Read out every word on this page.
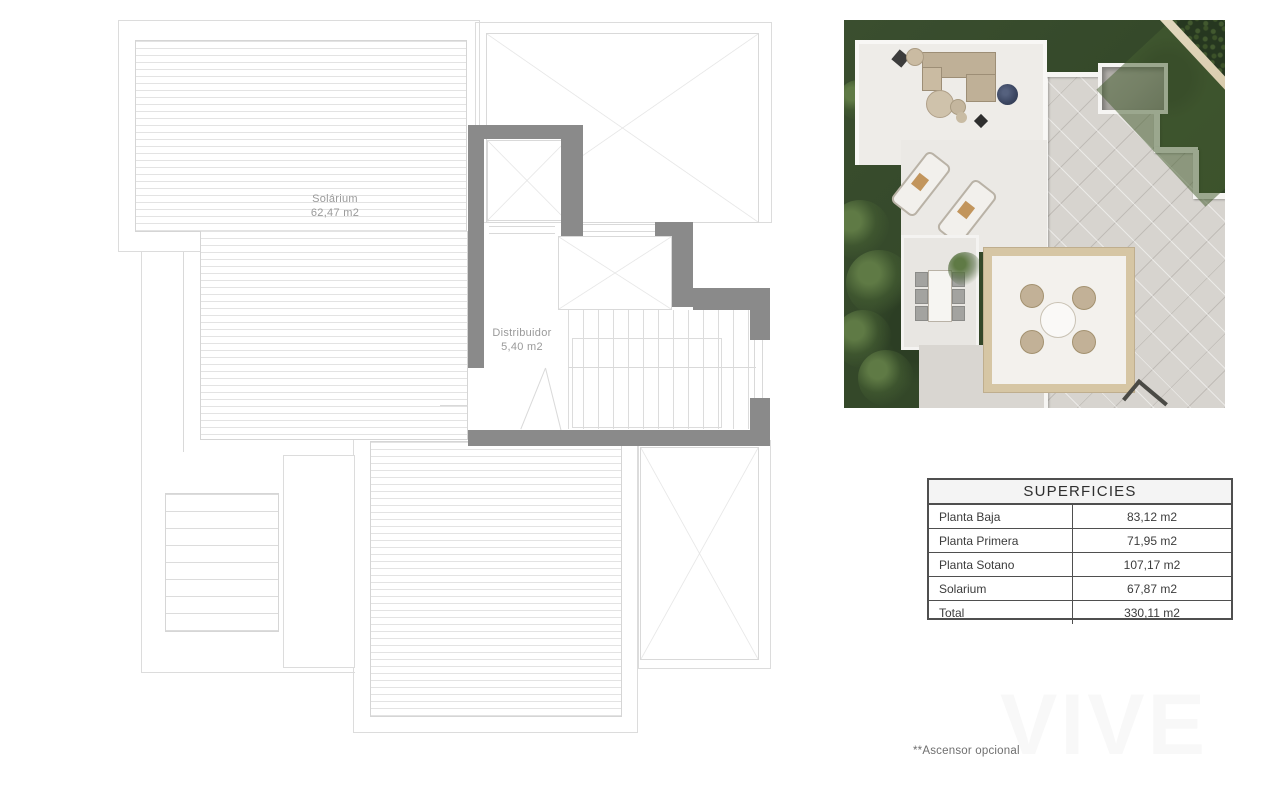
Solárium
62,47 m2
Distribuidor
5,40 m2
SUPERFICIES
Planta Baja	83,12 m2
Planta Primera	71,95 m2
Planta Sotano	107,17 m2
Solarium	67,87 m2
Total	330,11 m2
VIVE
**Ascensor opcional
